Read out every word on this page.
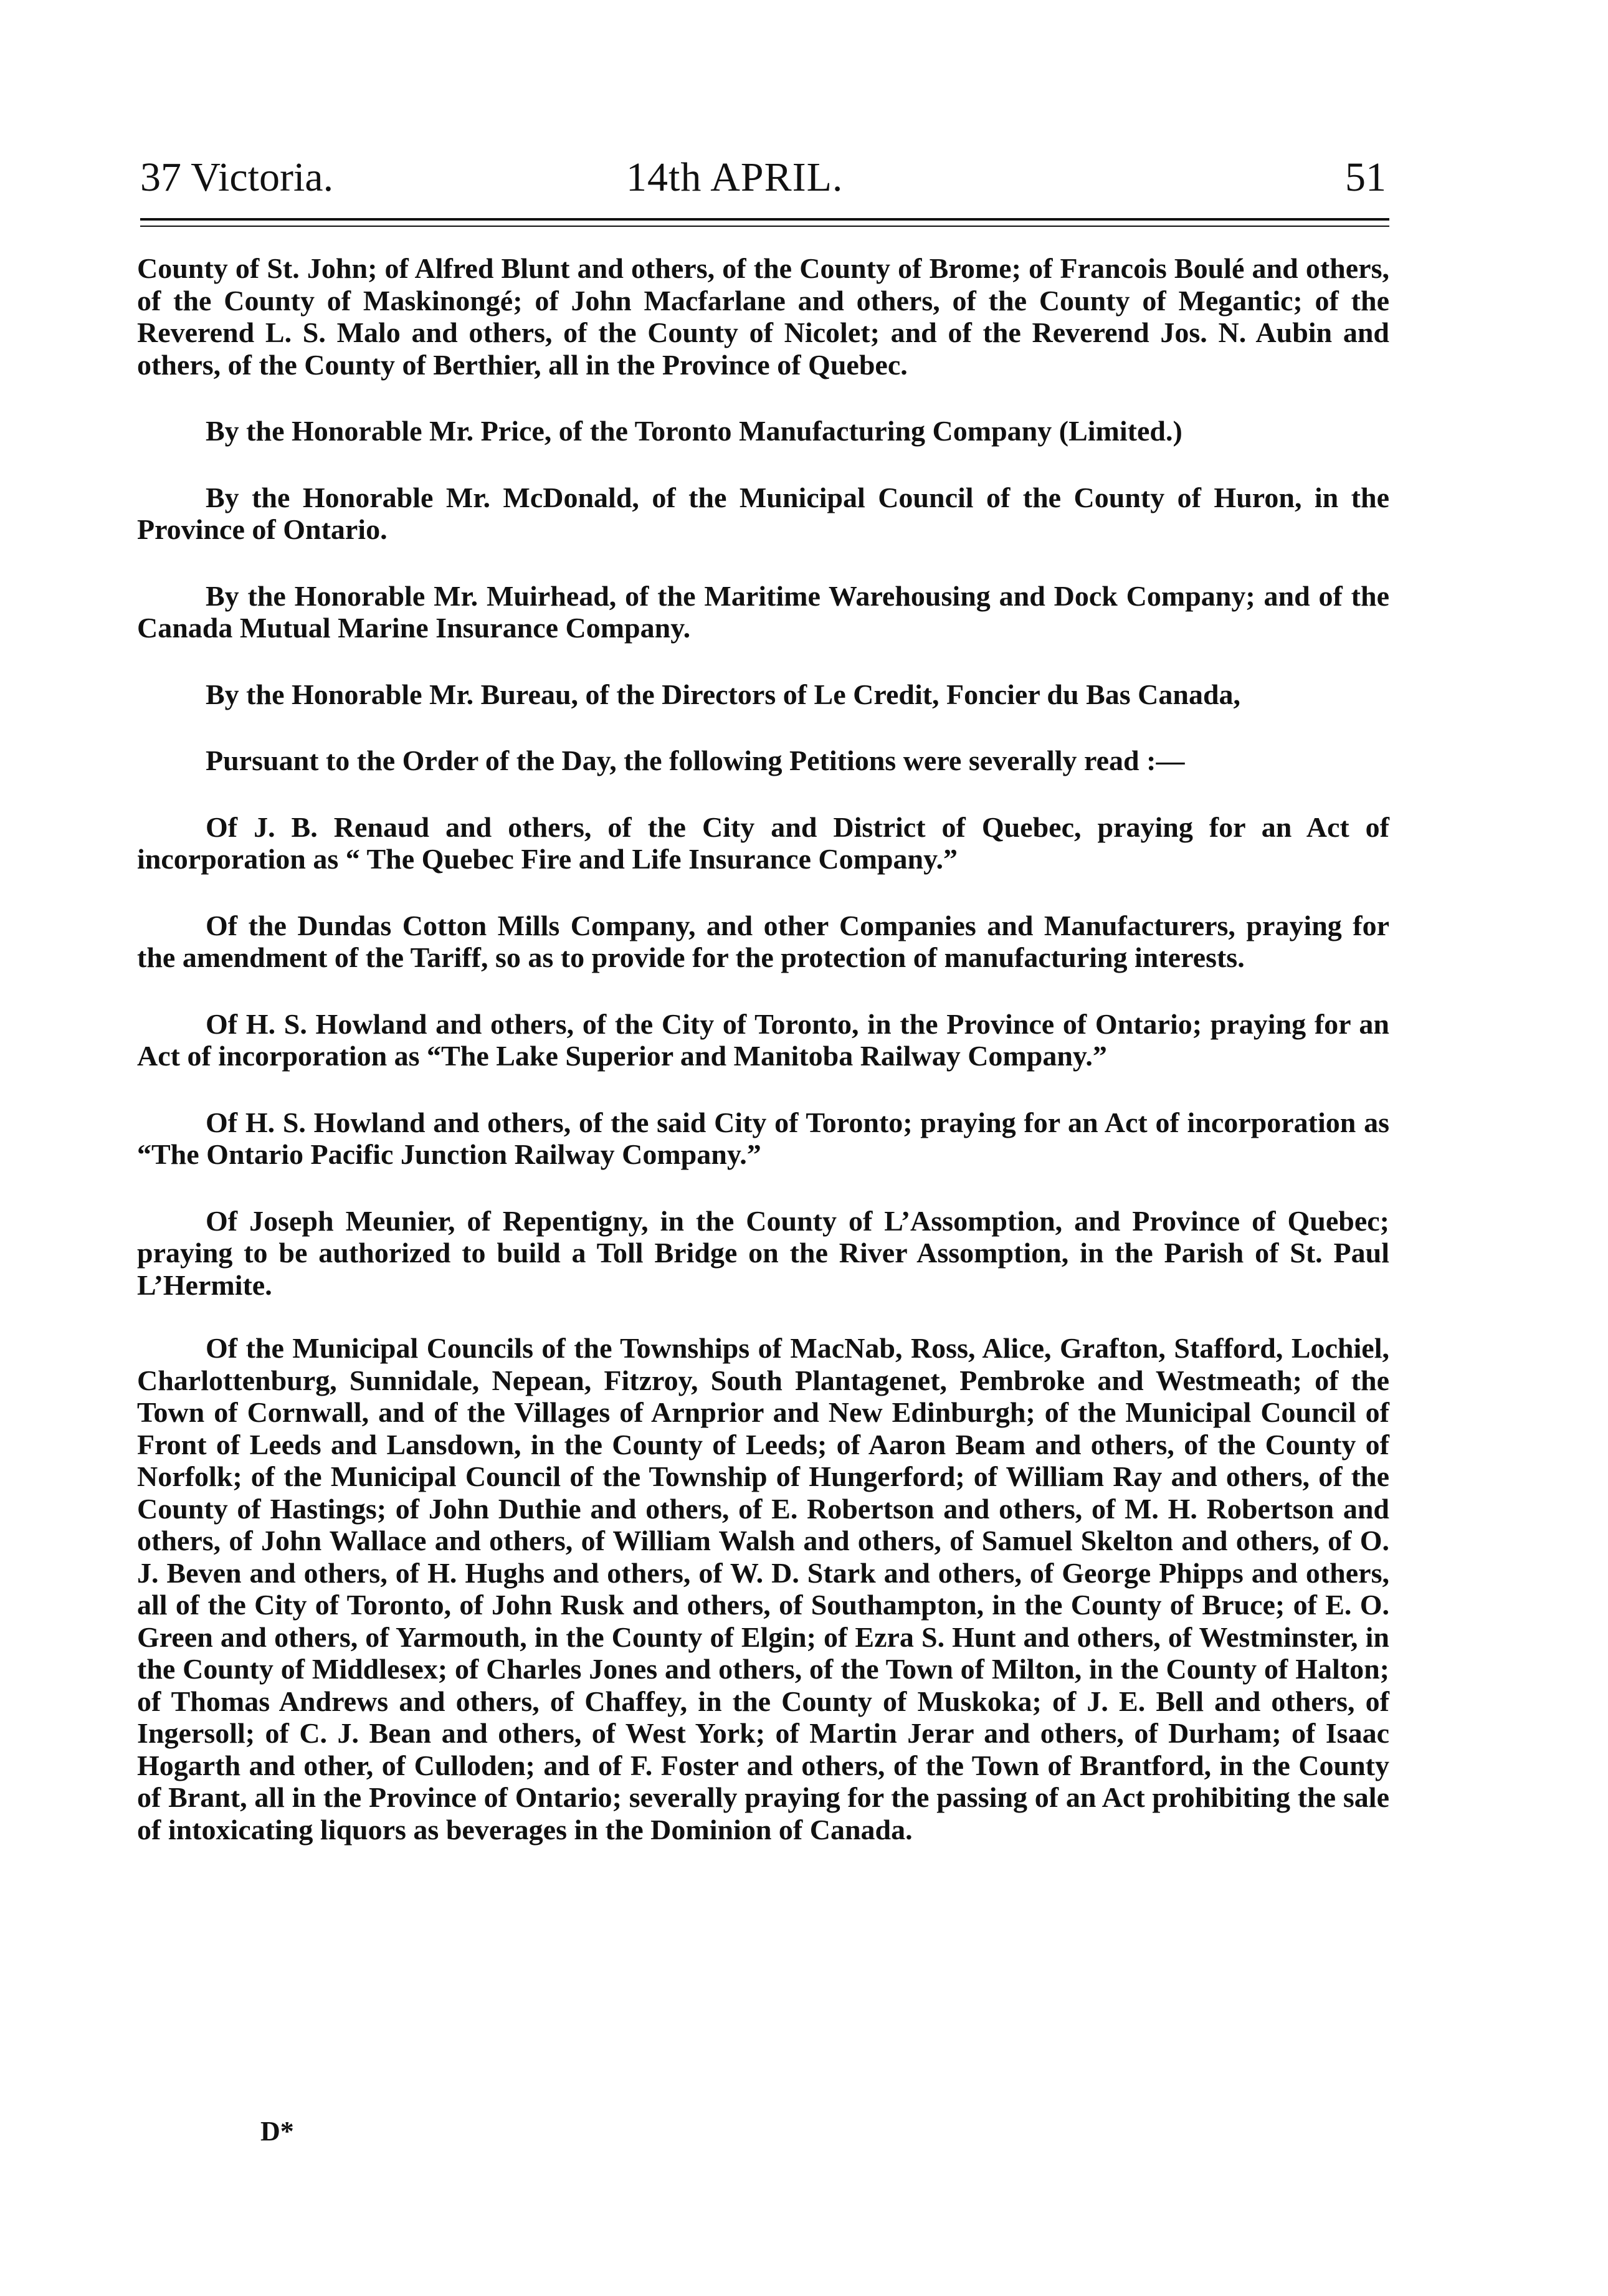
37 Victoria.	14th APRIL.	51

County of St. John; of Alfred Blunt and others, of the County of Brome; of Francois Boulé and others, of the County of Maskinongé; of John Macfarlane and others, of the County of Megantic; of the Reverend L. S. Malo and others, of the County of Nicolet; and of the Reverend Jos. N. Aubin and others, of the County of Berthier, all in the Province of Quebec.

By the Honorable Mr. Price, of the Toronto Manufacturing Company (Limited.)

By the Honorable Mr. McDonald, of the Municipal Council of the County of Huron, in the Province of Ontario.

By the Honorable Mr. Muirhead, of the Maritime Warehousing and Dock Company; and of the Canada Mutual Marine Insurance Company.

By the Honorable Mr. Bureau, of the Directors of Le Credit, Foncier du Bas Canada,

Pursuant to the Order of the Day, the following Petitions were severally read :—

Of J. B. Renaud and others, of the City and District of Quebec, praying for an Act of incorporation as “ The Quebec Fire and Life Insurance Company.”

Of the Dundas Cotton Mills Company, and other Companies and Manufacturers, praying for the amendment of the Tariff, so as to provide for the protection of manufacturing interests.

Of H. S. Howland and others, of the City of Toronto, in the Province of Ontario; praying for an Act of incorporation as “The Lake Superior and Manitoba Railway Company.”

Of H. S. Howland and others, of the said City of Toronto; praying for an Act of incorporation as “The Ontario Pacific Junction Railway Company.”

Of Joseph Meunier, of Repentigny, in the County of L’Assomption, and Province of Quebec; praying to be authorized to build a Toll Bridge on the River Assomption, in the Parish of St. Paul L’Hermite.

Of the Municipal Councils of the Townships of MacNab, Ross, Alice, Grafton, Stafford, Lochiel, Charlottenburg, Sunnidale, Nepean, Fitzroy, South Plantagenet, Pembroke and Westmeath; of the Town of Cornwall, and of the Villages of Arnprior and New Edinburgh; of the Municipal Council of Front of Leeds and Lansdown, in the County of Leeds; of Aaron Beam and others, of the County of Norfolk; of the Municipal Council of the Township of Hungerford; of William Ray and others, of the County of Hastings; of John Duthie and others, of E. Robertson and others, of M. H. Robertson and others, of John Wallace and others, of William Walsh and others, of Samuel Skelton and others, of O. J. Beven and others, of H. Hughs and others, of W. D. Stark and others, of George Phipps and others, all of the City of Toronto, of John Rusk and others, of Southampton, in the County of Bruce; of E. O. Green and others, of Yarmouth, in the County of Elgin; of Ezra S. Hunt and others, of Westminster, in the County of Middlesex; of Charles Jones and others, of the Town of Milton, in the County of Halton; of Thomas Andrews and others, of Chaffey, in the County of Muskoka; of J. E. Bell and others, of Ingersoll; of C. J. Bean and others, of West York; of Martin Jerar and others, of Durham; of Isaac Hogarth and other, of Culloden; and of F. Foster and others, of the Town of Brantford, in the County of Brant, all in the Province of Ontario; severally praying for the passing of an Act prohibiting the sale of intoxicating liquors as beverages in the Dominion of Canada.

D*
